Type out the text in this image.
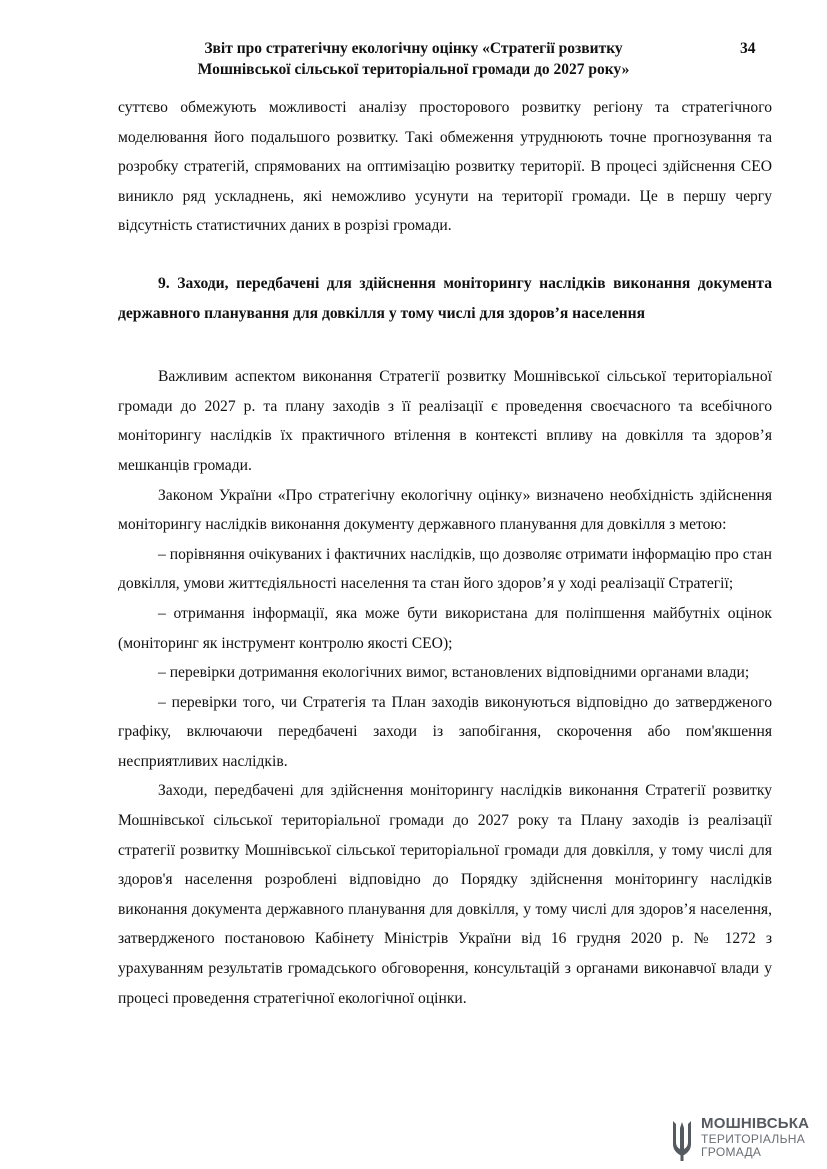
Звіт про стратегічну екологічну оцінку «Стратегії розвитку
Мошнівської сільської територіальної громади до 2027 року»
34

суттєво обмежують можливості аналізу просторового розвитку регіону та стратегічного моделювання його подальшого розвитку. Такі обмеження утруднюють точне прогнозування та розробку стратегій, спрямованих на оптимізацію розвитку території. В процесі здійснення СЕО виникло ряд ускладнень, які неможливо усунути на території громади. Це в першу чергу відсутність статистичних даних в розрізі громади.

9. Заходи, передбачені для здійснення моніторингу наслідків виконання документа державного планування для довкілля у тому числі для здоров’я населення

Важливим аспектом виконання Стратегії розвитку Мошнівської сільської територіальної громади до 2027 р. та плану заходів з її реалізації є проведення своєчасного та всебічного моніторингу наслідків їх практичного втілення в контексті впливу на довкілля та здоров’я мешканців громади.

Законом України «Про стратегічну екологічну оцінку» визначено необхідність здійснення моніторингу наслідків виконання документу державного планування для довкілля з метою:

– порівняння очікуваних і фактичних наслідків, що дозволяє отримати інформацію про стан довкілля, умови життєдіяльності населення та стан його здоров’я у ході реалізації Стратегії;

– отримання інформації, яка може бути використана для поліпшення майбутніх оцінок (моніторинг як інструмент контролю якості СЕО);

– перевірки дотримання екологічних вимог, встановлених відповідними органами влади;

– перевірки того, чи Стратегія та План заходів виконуються відповідно до затвердженого графіку, включаючи передбачені заходи із запобігання, скорочення або пом'якшення несприятливих наслідків.

Заходи, передбачені для здійснення моніторингу наслідків виконання Стратегії розвитку Мошнівської сільської територіальної громади до 2027 року та Плану заходів із реалізації стратегії розвитку Мошнівської сільської територіальної громади для довкілля, у тому числі для здоров'я населення розроблені відповідно до Порядку здійснення моніторингу наслідків виконання документа державного планування для довкілля, у тому числі для здоров’я населення, затвердженого постановою Кабінету Міністрів України від 16 грудня 2020 р. № 1272 з урахуванням результатів громадського обговорення, консультацій з органами виконавчої влади у процесі проведення стратегічної екологічної оцінки.

МОШНІВСЬКА
ТЕРИТОРІАЛЬНА
ГРОМАДА
